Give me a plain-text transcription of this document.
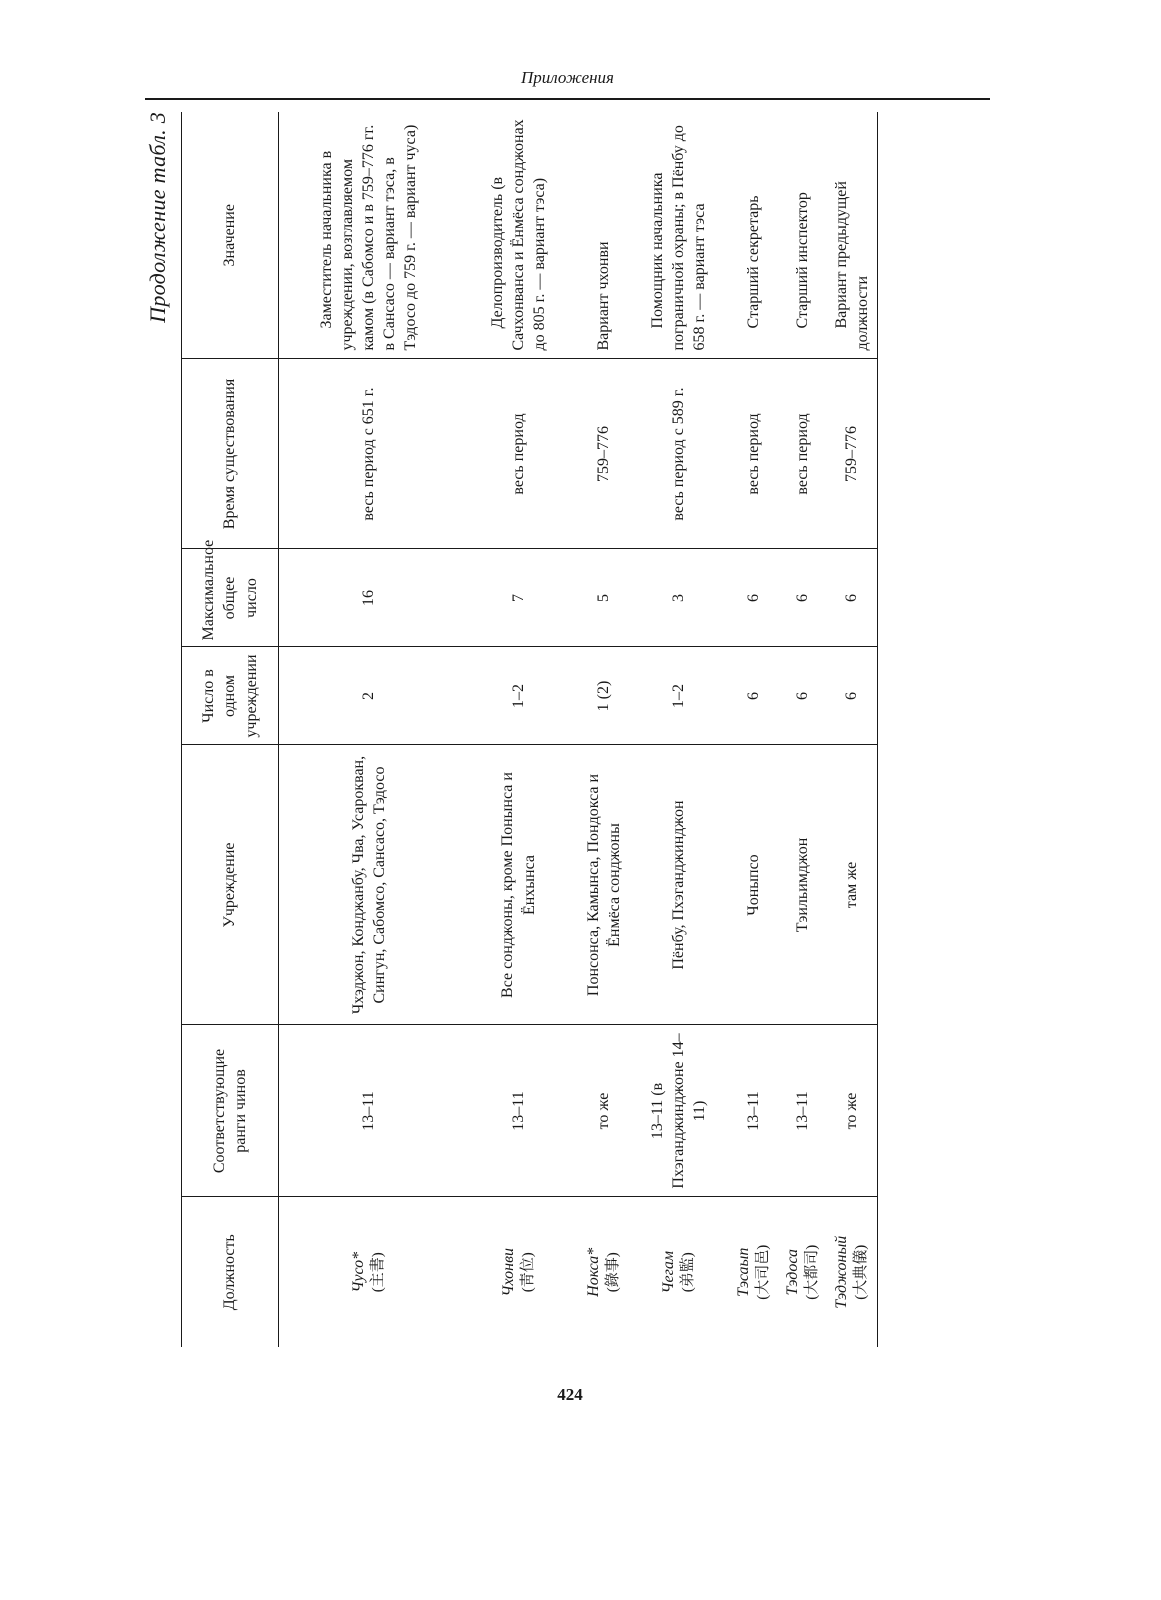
Приложения
Продолжение табл. 3
Должность	Соответствующие ранги чинов	Учреждение	Число в одном учреждении	Максимальное общее число	Время существования	Значение
Чусо* (主書)	13–11	Чхэджон, Конджанбу, Чва, Усарокван, Сингун, Сабомсо, Сансасо, Тэдосо	2	16	весь период с 651 г.	Заместитель начальника в учреждении, возглавляемом камом (в Сабомсо и в 759–776 гг. в Сансасо — вариант тэса, в Тэдосо до 759 г. — вариант чуса)
Чхонви (靑位)	13–11	Все сонджоны, кроме Понынса и Ёнхынса	1–2	7	весь период	Делопроизводитель (в Сачхонванса и Ёнмёса сонджонах до 805 г. — вариант тэса)
Нокса* (錄事)	то же	Понсонса, Камынса, Пондокса и Ёнмёса сонджоны	1 (2)	5	759–776	Вариант чхонви
Чегам (弟監)	13–11 (в Пхэганджинджоне 14–11)	Пёнбу, Пхэганджинджон	1–2	3	весь период с 589 г.	Помощник начальника пограничной охраны; в Пёнбу до 658 г. — вариант тэса
Тэсаып (大司邑)	13–11	Чоныпсо	6	6	весь период	Старший секретарь
Тэдоса (大都司)	13–11	Тэильимджон	6	6	весь период	Старший инспектор
Тэджоный (大典儀)	то же	там же	6	6	759–776	Вариант предыдущей должности
424
